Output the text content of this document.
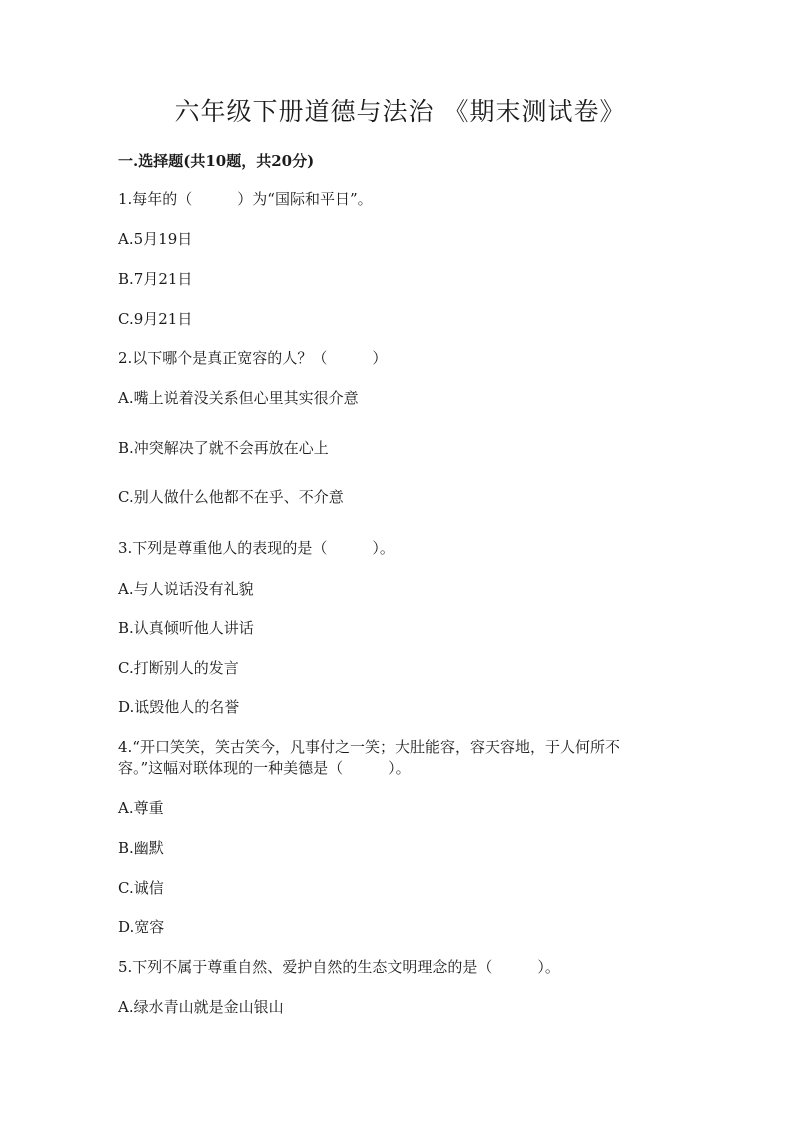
六年级下册道德与法治 《期末测试卷》
一.选择题(共10题，共20分)
1.每年的（　　　）为“国际和平日”。
A.5月19日
B.7月21日
C.9月21日
2.以下哪个是真正宽容的人？（　　　）
A.嘴上说着没关系但心里其实很介意
B.冲突解决了就不会再放在心上
C.别人做什么他都不在乎、不介意
3.下列是尊重他人的表现的是（　　　）。
A.与人说话没有礼貌
B.认真倾听他人讲话
C.打断别人的发言
D.诋毁他人的名誉
4.“开口笑笑，笑古笑今，凡事付之一笑；大肚能容，容天容地，于人何所不
容。”这幅对联体现的一种美德是（　　　）。
A.尊重
B.幽默
C.诚信
D.宽容
5.下列不属于尊重自然、爱护自然的生态文明理念的是（　　　）。
A.绿水青山就是金山银山
